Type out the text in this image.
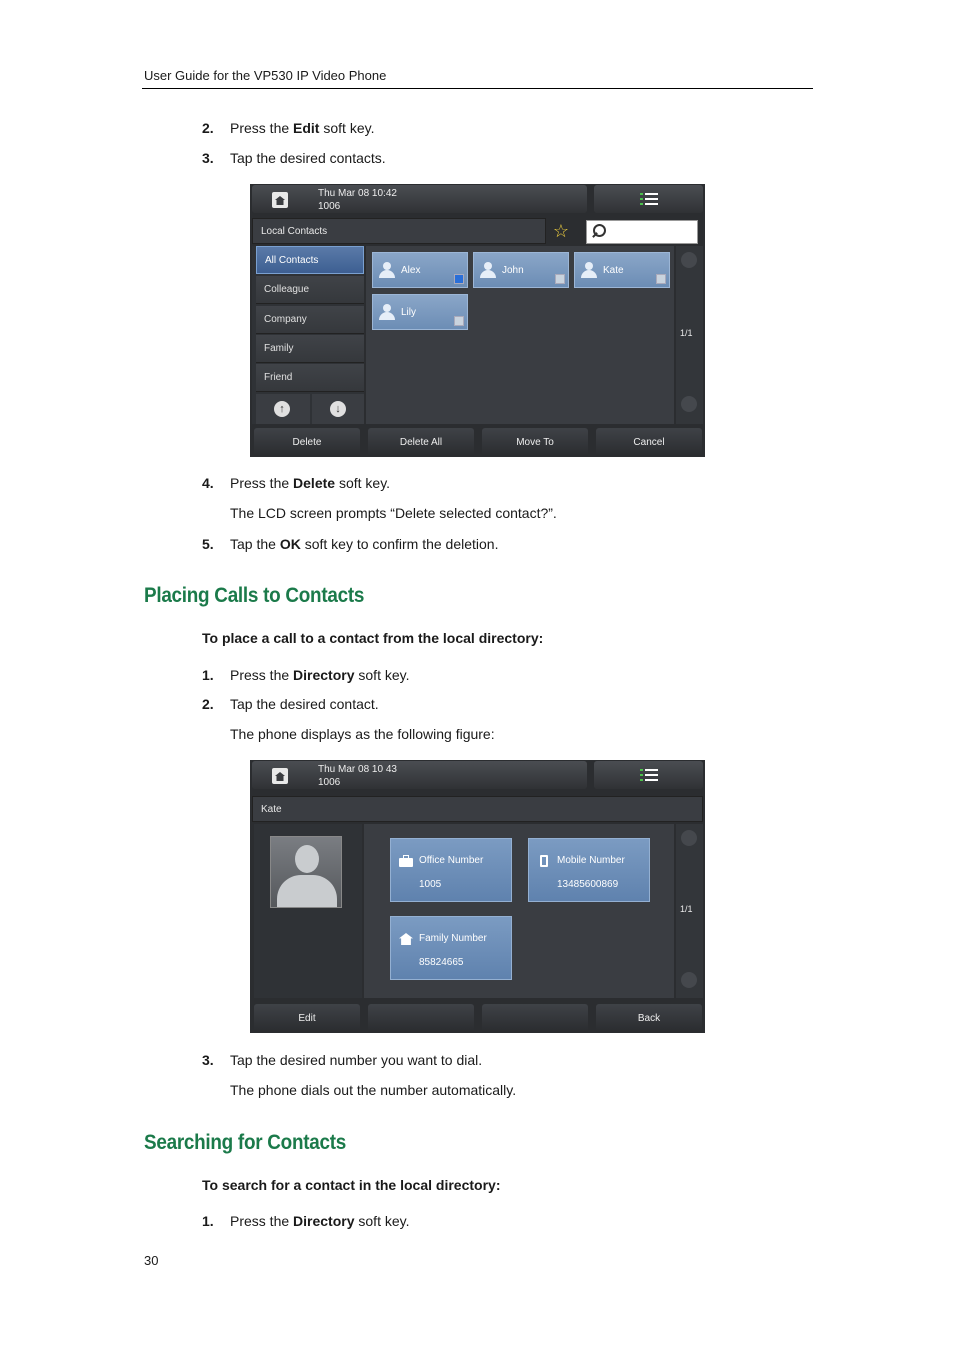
User Guide for the VP530 IP Video Phone
2. Press the Edit soft key.
3. Tap the desired contacts.
Thu Mar 08 10:42
1006
Local Contacts	☆
All Contacts
Colleague
Company
Family
Friend
↑	↓
Alex	John	Kate
Lily
1/1
Delete	Delete All	Move To	Cancel
4. Press the Delete soft key.
The LCD screen prompts “Delete selected contact?”.
5. Tap the OK soft key to confirm the deletion.
Placing Calls to Contacts
To place a call to a contact from the local directory:
1. Press the Directory soft key.
2. Tap the desired contact.
The phone displays as the following figure:
Thu Mar 08 10 43
1006
Kate
Office Number
1005
Mobile Number
13485600869
Family Number
85824665
1/1
Edit	Back
3. Tap the desired number you want to dial.
The phone dials out the number automatically.
Searching for Contacts
To search for a contact in the local directory:
1. Press the Directory soft key.
30
